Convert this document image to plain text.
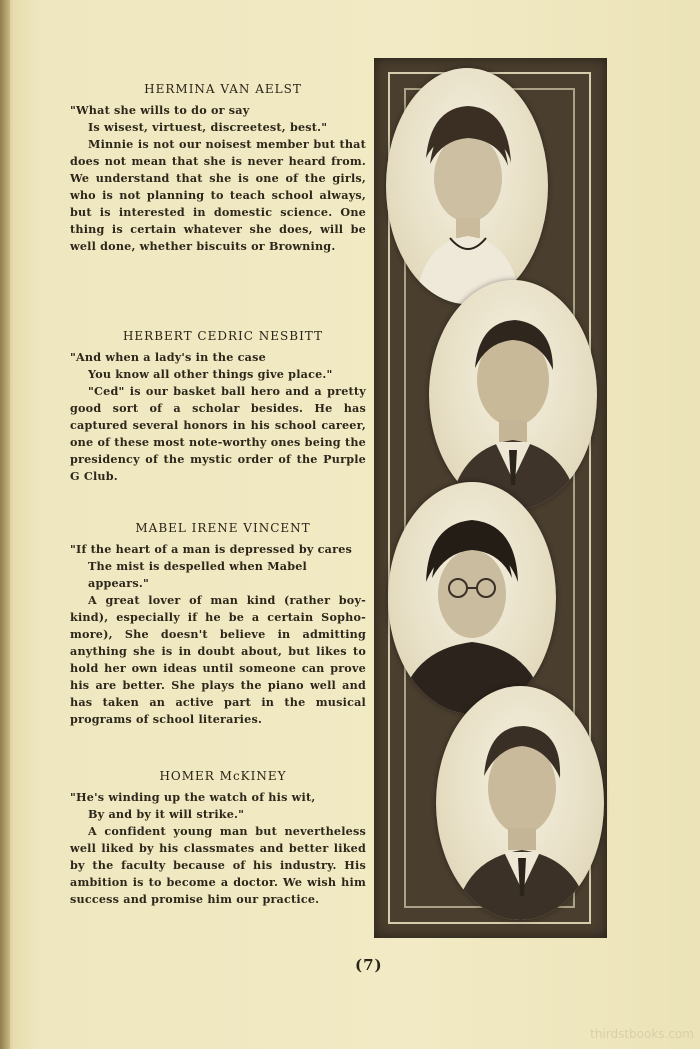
HERMINA VAN AELST

"What she wills to do or say
Is wisest, virtuest, discreetest, best."

Minnie is not our noisest member but that does not mean that she is never heard from. We understand that she is one of the girls, who is not planning to teach school always, but is interested in domestic science. One thing is certain whatever she does, will be well done, whether biscuits or Browning.

HERBERT CEDRIC NESBITT

"And when a lady's in the case
You know all other things give place."

"Ced" is our basket ball hero and a pretty good sort of a scholar besides. He has captured several honors in his school career, one of these most note-worthy ones being the presidency of the mystic order of the Purple G Club.

MABEL IRENE VINCENT

"If the heart of a man is depressed by cares
The mist is despelled when Mabel appears."

A great lover of man kind (rather boy-kind), especially if he be a certain Sopho-more), She doesn't believe in admitting anything she is in doubt about, but likes to hold her own ideas until someone can prove his are better. She plays the piano well and has taken an active part in the musical programs of school literaries.

HOMER McKINEY

"He's winding up the watch of his wit,
By and by it will strike."

A confident young man but nevertheless well liked by his classmates and better liked by the faculty because of his industry. His ambition is to become a doctor. We wish him success and promise him our practice.

(7)
thirdstbooks.com
